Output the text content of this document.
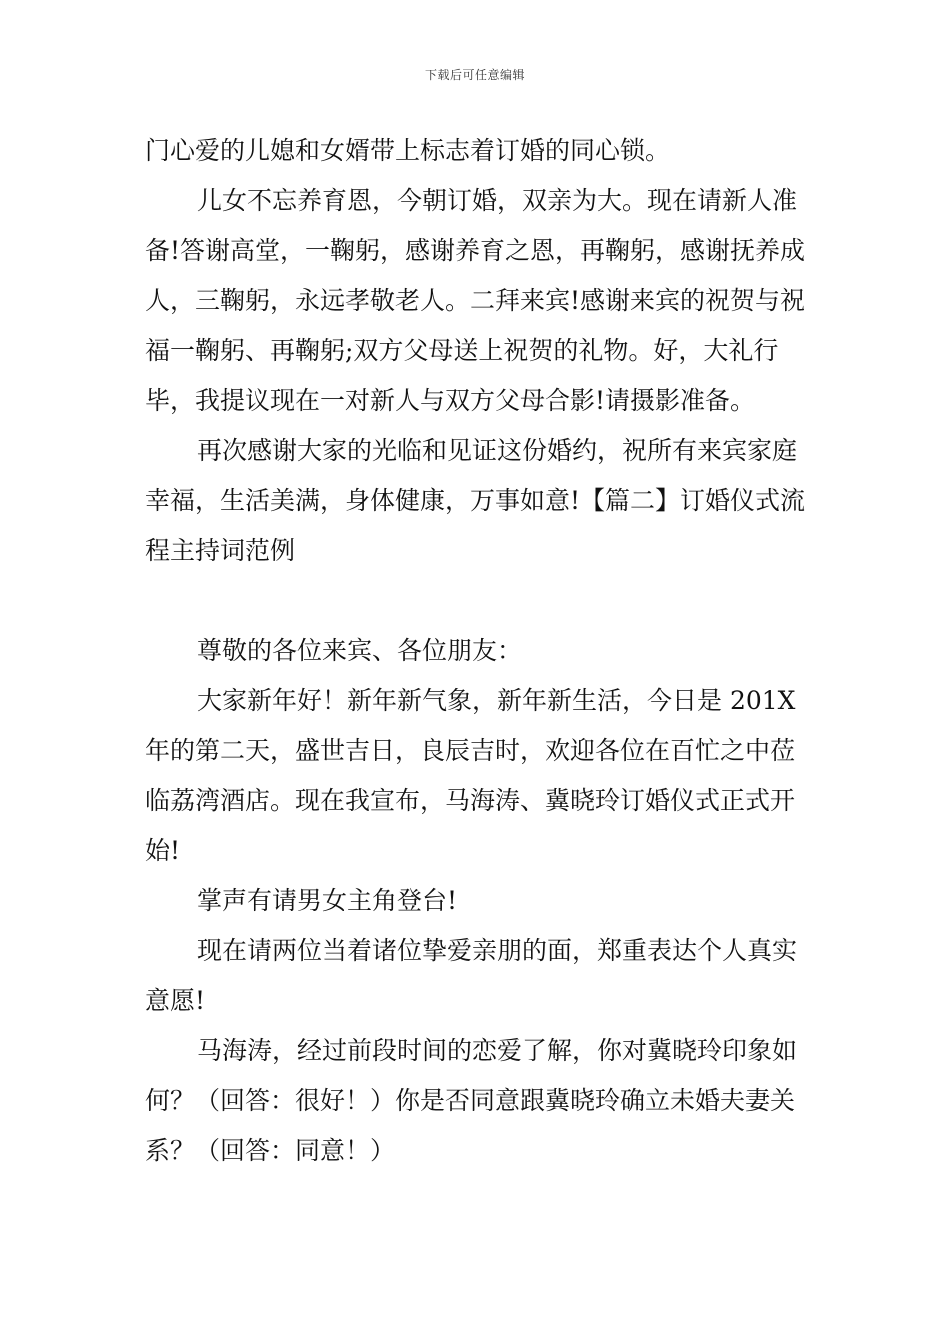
下载后可任意编辑

门心爱的儿媳和女婿带上标志着订婚的同心锁。

儿女不忘养育恩，今朝订婚，双亲为大。现在请新人准备!答谢高堂，一鞠躬，感谢养育之恩，再鞠躬，感谢抚养成人，三鞠躬，永远孝敬老人。二拜来宾!感谢来宾的祝贺与祝福一鞠躬、再鞠躬;双方父母送上祝贺的礼物。好，大礼行毕，我提议现在一对新人与双方父母合影!请摄影准备。

再次感谢大家的光临和见证这份婚约，祝所有来宾家庭幸福，生活美满，身体健康，万事如意!【篇二】订婚仪式流程主持词范例

尊敬的各位来宾、各位朋友：

大家新年好！新年新气象，新年新生活，今日是 201X 年的第二天，盛世吉日，良辰吉时，欢迎各位在百忙之中莅临荔湾酒店。现在我宣布，马海涛、冀晓玲订婚仪式正式开始!

掌声有请男女主角登台!

现在请两位当着诸位挚爱亲朋的面，郑重表达个人真实意愿!

马海涛，经过前段时间的恋爱了解，你对冀晓玲印象如何？（回答：很好！）你是否同意跟冀晓玲确立未婚夫妻关系？（回答：同意！）
